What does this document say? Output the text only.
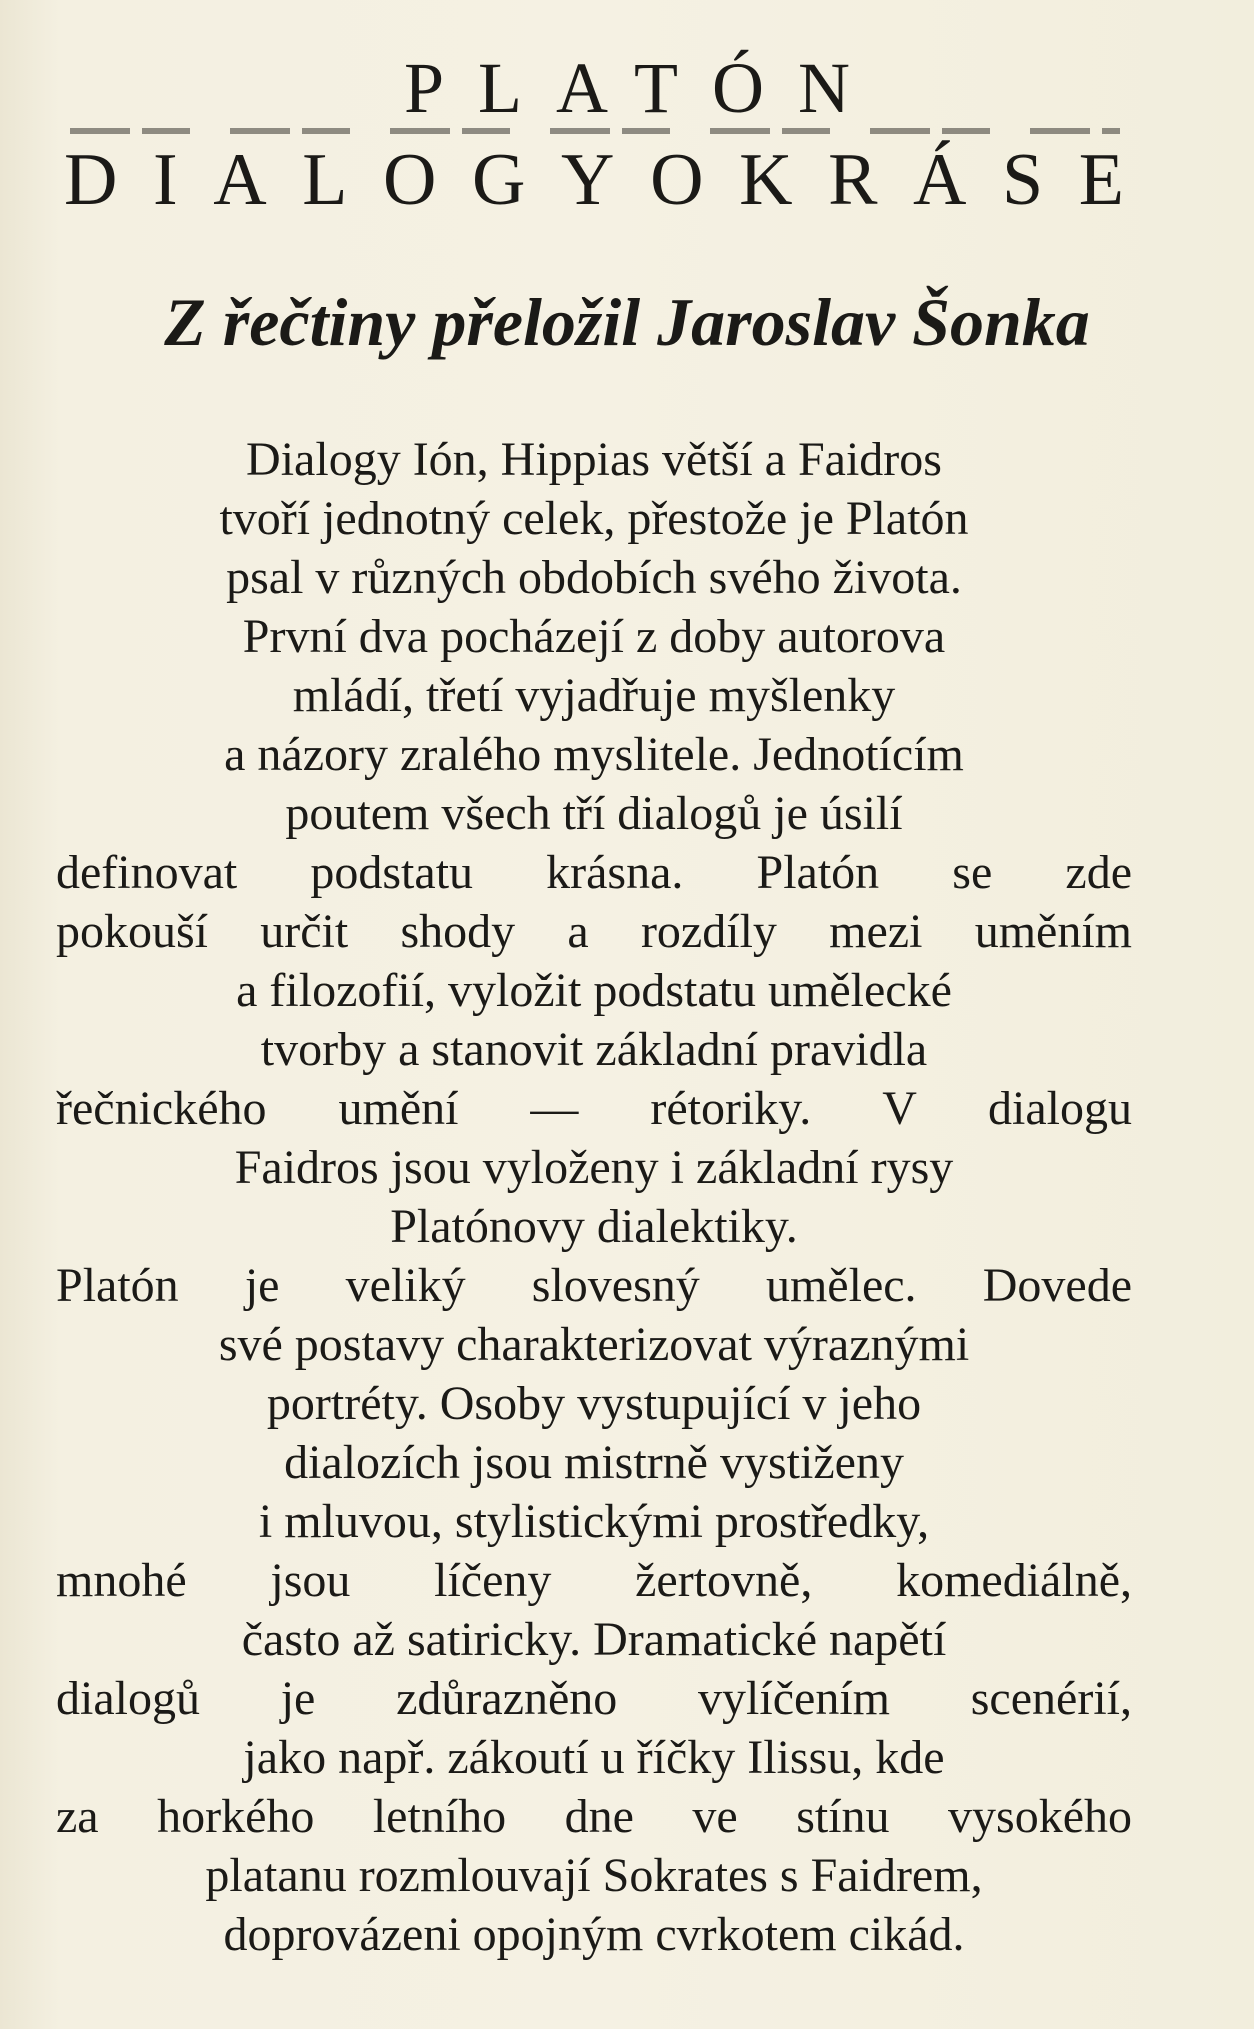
PLATÓN
D I A L O G Y O K R Á S E
Z řečtiny přeložil Jaroslav Šonka
Dialogy Ión, Hippias větší a Faidros
tvoří jednotný celek, přestože je Platón
psal v různých obdobích svého života.
První dva pocházejí z doby autorova
mládí, třetí vyjadřuje myšlenky
a názory zralého myslitele. Jednotícím
poutem všech tří dialogů je úsilí
definovat podstatu krásna. Platón se zde
pokouší určit shody a rozdíly mezi uměním
a filozofií, vyložit podstatu umělecké
tvorby a stanovit základní pravidla
řečnického umění — rétoriky. V dialogu
Faidros jsou vyloženy i základní rysy
Platónovy dialektiky.
Platón je veliký slovesný umělec. Dovede
své postavy charakterizovat výraznými
portréty. Osoby vystupující v jeho
dialozích jsou mistrně vystiženy
i mluvou, stylistickými prostředky,
mnohé jsou líčeny žertovně, komediálně,
často až satiricky. Dramatické napětí
dialogů je zdůrazněno vylíčením scenérií,
jako např. zákoutí u říčky Ilissu, kde
za horkého letního dne ve stínu vysokého
platanu rozmlouvají Sokrates s Faidrem,
doprovázeni opojným cvrkotem cikád.
